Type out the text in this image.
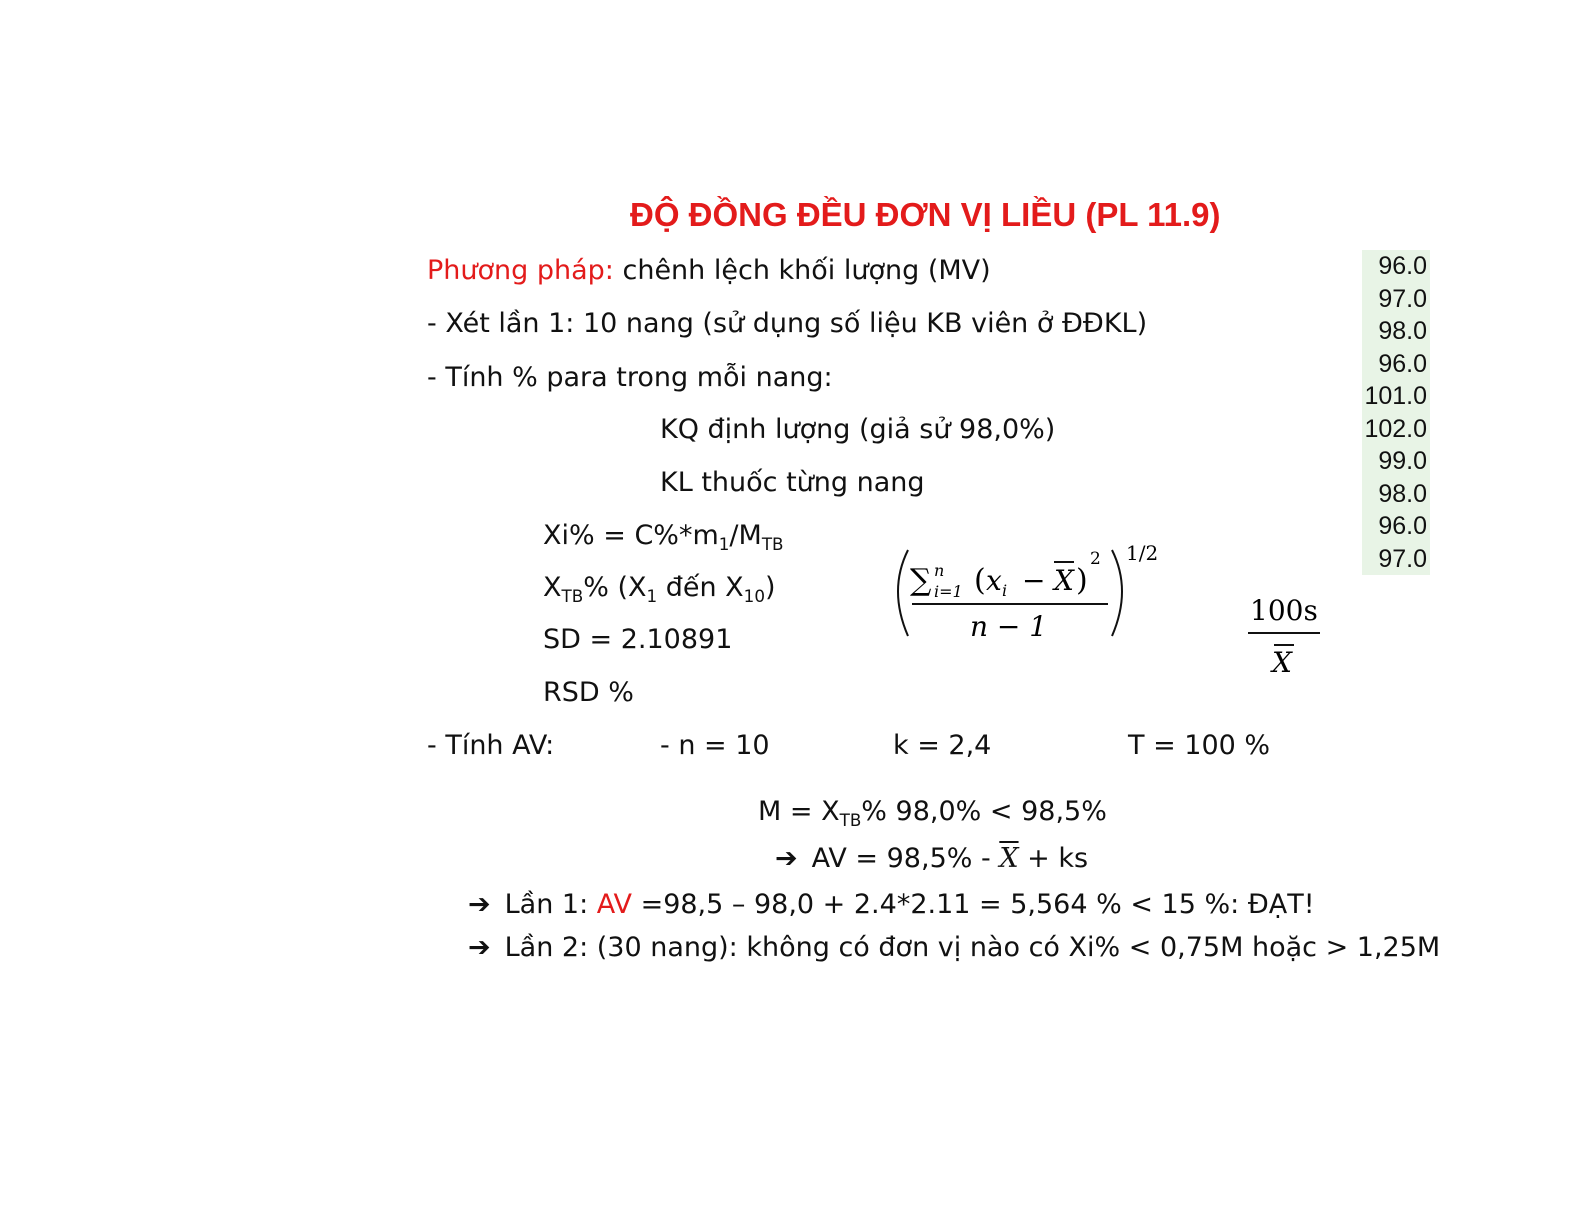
ĐỘ ĐỒNG ĐỀU ĐƠN VỊ LIỀU (PL 11.9)
Phương pháp: chênh lệch khối lượng (MV)
- Xét lần 1: 10 nang (sử dụng số liệu KB viên ở ĐĐKL)
- Tính % para trong mỗi nang:
KQ định lượng (giả sử 98,0%)
KL thuốc từng nang
$Xi\% = C\%*m_1/M_{TB}$
$X_{TB}\%$ ($X_1$ đến $X_{10}$)
SD = 2.10891
RSD %
∑ n
i=1 ( x i − X )
2
n − 1
1/2
100s
X
- Tính AV:	- n = 10	k = 2,4	T = 100 %
$M = X_{TB}\%$ 98,0% < 98,5%
➔ AV = $98,5\% - \overline{X}$ + ks
➔ Lần 1: AV =98,5 – 98,0 + 2.4*2.11 = 5,564 % < 15 %: ĐẠT!
➔ Lần 2: (30 nang): không có đơn vị nào có Xi% < 0,75M hoặc > 1,25M
96.0
97.0
98.0
96.0
101.0
102.0
99.0
98.0
96.0
97.0
